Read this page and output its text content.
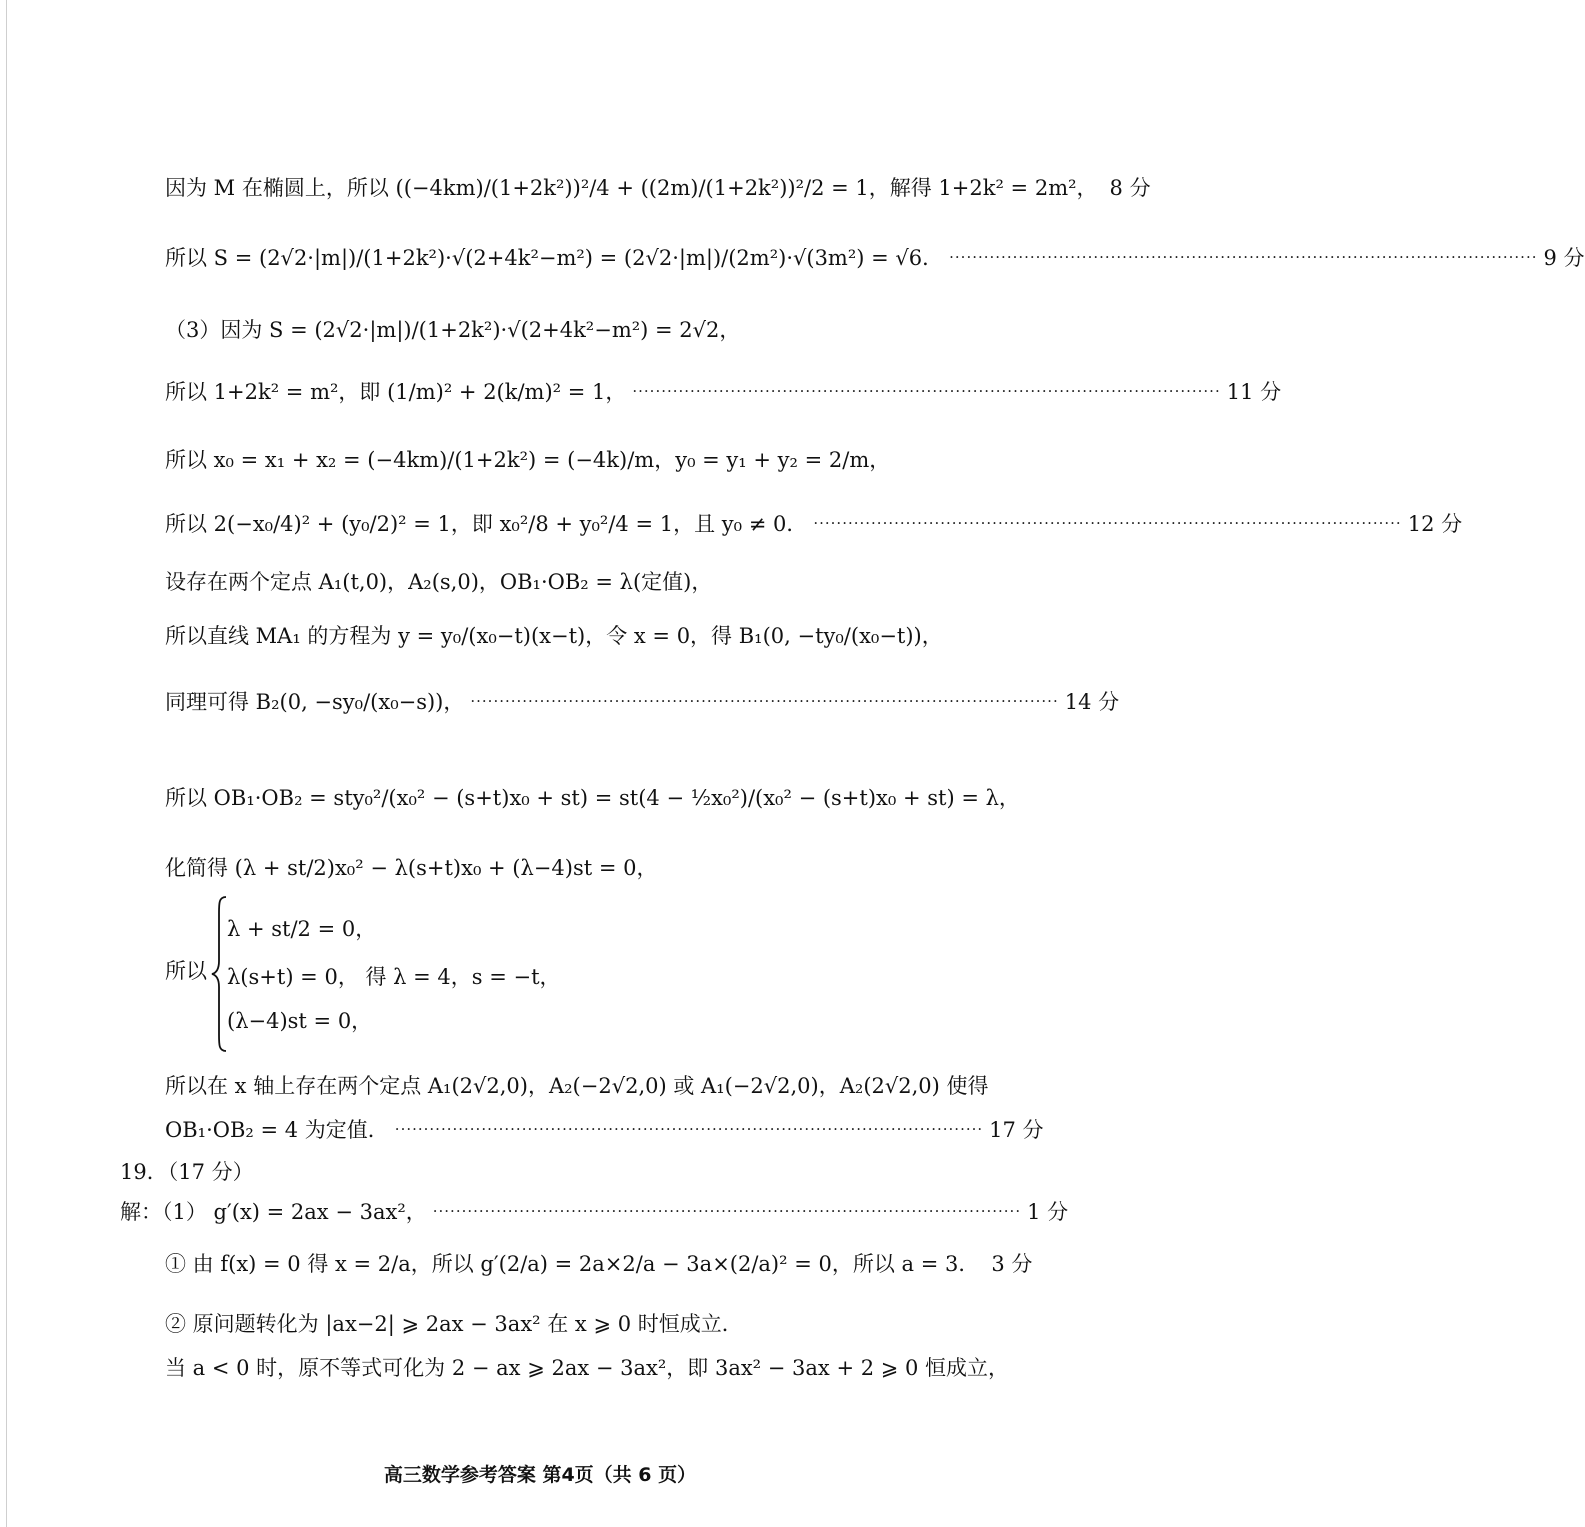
因为 M 在椭圆上，所以 ((−4km)/(1+2k²))²/4 + ((2m)/(1+2k²))²/2 = 1，解得 1+2k² = 2m²， 8 分
所以 S = (2√2·|m|)/(1+2k²)·√(2+4k²−m²) = (2√2·|m|)/(2m²)·√(3m²) = √6． ······································································································ 9 分
（3）因为 S = (2√2·|m|)/(1+2k²)·√(2+4k²−m²) = 2√2，
所以 1+2k² = m²，即 (1/m)² + 2(k/m)² = 1， ······································································································ 11 分
所以 x₀ = x₁ + x₂ = (−4km)/(1+2k²) = (−4k)/m，y₀ = y₁ + y₂ = 2/m，
所以 2(−x₀/4)² + (y₀/2)² = 1，即 x₀²/8 + y₀²/4 = 1，且 y₀ ≠ 0． ······································································································ 12 分
设存在两个定点 A₁(t,0)，A₂(s,0)，OB₁·OB₂ = λ(定值)，
所以直线 MA₁ 的方程为 y = y₀/(x₀−t)(x−t)，令 x = 0，得 B₁(0, −ty₀/(x₀−t))，
同理可得 B₂(0, −sy₀/(x₀−s))， ······································································································ 14 分
所以 OB₁·OB₂ = sty₀²/(x₀² − (s+t)x₀ + st) = st(4 − ½x₀²)/(x₀² − (s+t)x₀ + st) = λ，
化简得 (λ + st/2)x₀² − λ(s+t)x₀ + (λ−4)st = 0，
所以
λ + st/2 = 0，
λ(s+t) = 0， 得 λ = 4，s = −t，
(λ−4)st = 0，
所以在 x 轴上存在两个定点 A₁(2√2,0)，A₂(−2√2,0) 或 A₁(−2√2,0)，A₂(2√2,0) 使得
OB₁·OB₂ = 4 为定值． ······································································································ 17 分
19．（17 分）
解：（1） g′(x) = 2ax − 3ax²， ······································································································ 1 分
① 由 f(x) = 0 得 x = 2/a，所以 g′(2/a) = 2a×2/a − 3a×(2/a)² = 0，所以 a = 3． 3 分
② 原问题转化为 |ax−2| ⩾ 2ax − 3ax² 在 x ⩾ 0 时恒成立．
当 a < 0 时，原不等式可化为 2 − ax ⩾ 2ax − 3ax²，即 3ax² − 3ax + 2 ⩾ 0 恒成立，
高三数学参考答案 第4页（共 6 页）
